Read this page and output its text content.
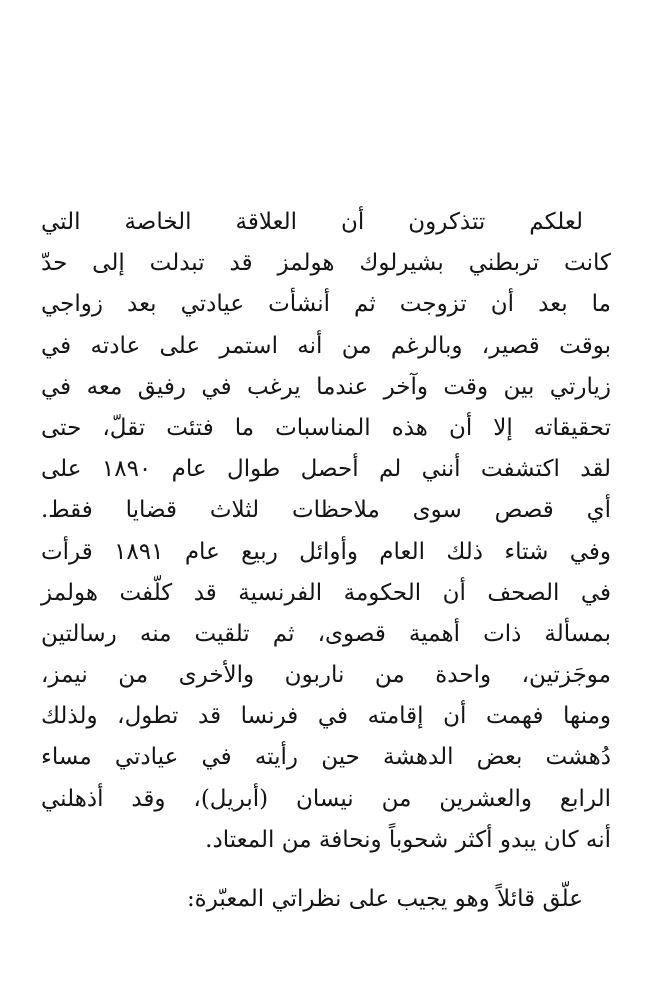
لعلكم تتذكرون أن العلاقة الخاصة التي
كانت تربطني بشيرلوك هولمز قد تبدلت إلى حدّ
ما بعد أن تزوجت ثم أنشأت عيادتي بعد زواجي
بوقت قصير، وبالرغم من أنه استمر على عادته في
زيارتي بين وقت وآخر عندما يرغب في رفيق معه في
تحقيقاته إلا أن هذه المناسبات ما فتئت تقلّ، حتى
لقد اكتشفت أنني لم أحصل طوال عام ١٨٩٠ على
أي قصص سوى ملاحظات لثلاث قضايا فقط.
وفي شتاء ذلك العام وأوائل ربيع عام ١٨٩١ قرأت
في الصحف أن الحكومة الفرنسية قد كلّفت هولمز
بمسألة ذات أهمية قصوى، ثم تلقيت منه رسالتين
موجَزتين، واحدة من ناربون والأخرى من نيمز،
ومنها فهمت أن إقامته في فرنسا قد تطول، ولذلك
دُهشت بعض الدهشة حين رأيته في عيادتي مساء
الرابع والعشرين من نيسان (أبريل)، وقد أذهلني
أنه كان يبدو أكثر شحوباً ونحافة من المعتاد.
علّق قائلاً وهو يجيب على نظراتي المعبّرة:
